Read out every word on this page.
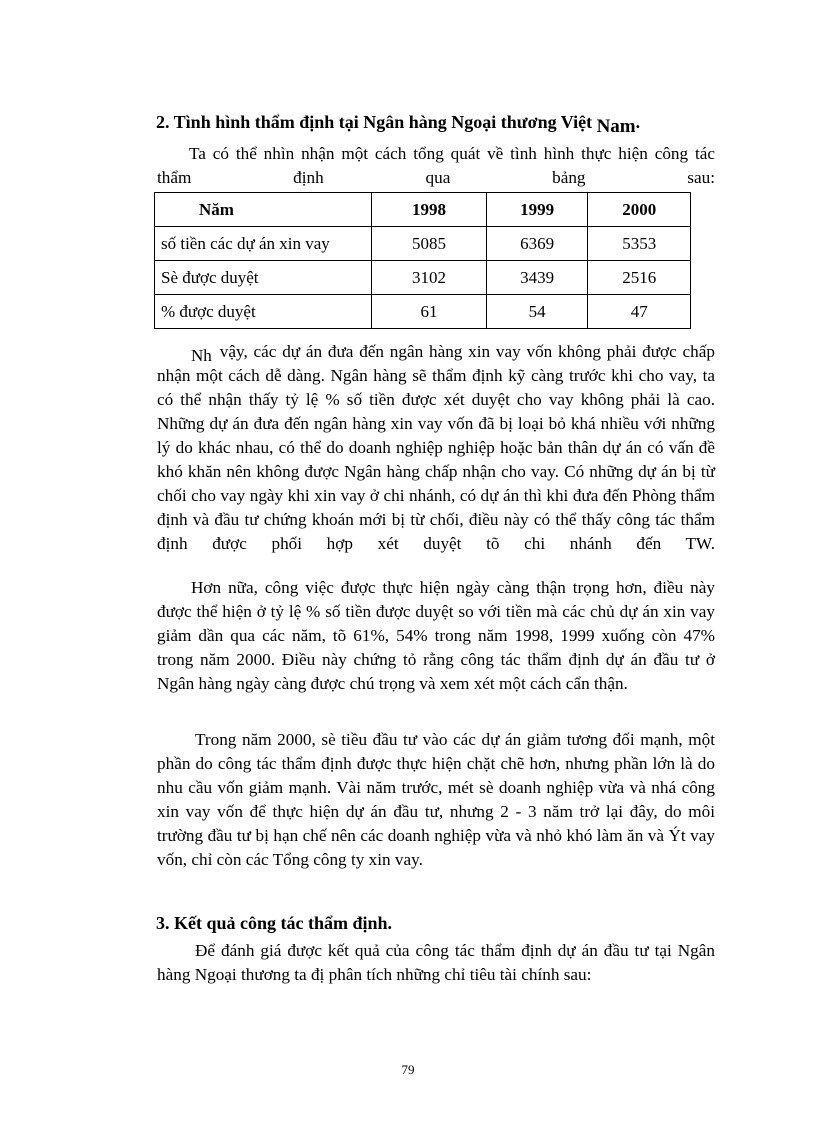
2. Tình hình thẩm định tại Ngân hàng Ngoại thương Việt Nam.
Ta có thể nhìn nhận một cách tổng quát về tình hình thực hiện công tác thẩm định qua bảng sau:
Năm	1998	1999	2000
số tiền các dự án xin vay	5085	6369	5353
Sè được duyệt	3102	3439	2516
% được duyệt	61	54	47
Nh vậy, các dự án đưa đến ngân hàng xin vay vốn không phải được chấp nhận một cách dễ dàng. Ngân hàng sẽ thẩm định kỹ càng trước khi cho vay, ta có thể nhận thấy tỷ lệ % số tiền được xét duyệt cho vay không phải là cao. Những dự án đưa đến ngân hàng xin vay vốn đã bị loại bỏ khá nhiều với những lý do khác nhau, có thể do doanh nghiệp nghiệp hoặc bản thân dự án có vấn đề khó khăn nên không được Ngân hàng chấp nhận cho vay. Có những dự án bị từ chối cho vay ngày khi xin vay ở chi nhánh, có dự án thì khi đưa đến Phòng thẩm định và đầu tư chứng khoán mới bị từ chối, điều này có thể thấy công tác thẩm định được phối hợp xét duyệt tõ chi nhánh đến TW.
Hơn nữa, công việc được thực hiện ngày càng thận trọng hơn, điều này được thể hiện ở tỷ lệ % số tiền được duyệt so với tiền mà các chủ dự án xin vay giảm dần qua các năm, tõ 61%, 54% trong năm 1998, 1999 xuống còn 47% trong năm 2000. Điều này chứng tỏ rằng công tác thẩm định dự án đầu tư ở Ngân hàng ngày càng được chú trọng và xem xét một cách cẩn thận.
Trong năm 2000, sè tiều đầu tư vào các dự án giảm tương đối mạnh, một phần do công tác thẩm định được thực hiện chặt chẽ hơn, nhưng phần lớn là do nhu cầu vốn giảm mạnh. Vài năm trước, mét sè doanh nghiệp vừa và nhá công xin vay vốn để thực hiện dự án đầu tư, nhưng 2 - 3 năm trở lại đây, do môi trường đầu tư bị hạn chế nên các doanh nghiệp vừa và nhỏ khó làm ăn và Ýt vay vốn, chỉ còn các Tổng công ty xin vay.
3. Kết quả công tác thẩm định.
Để đánh giá được kết quả của công tác thẩm định dự án đầu tư tại Ngân hàng Ngoại thương ta đị phân tích những chỉ tiêu tài chính sau:
79
